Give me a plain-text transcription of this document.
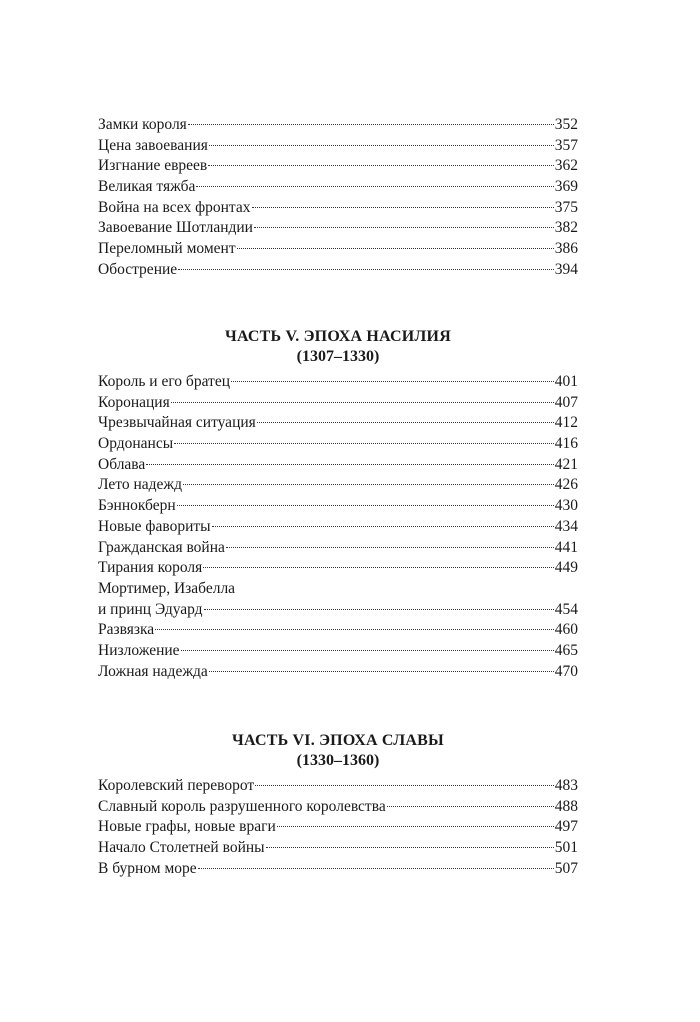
Замки короля	352
Цена завоевания	357
Изгнание евреев	362
Великая тяжба	369
Война на всех фронтах	375
Завоевание Шотландии	382
Переломный момент	386
Обострение	394
ЧАСТЬ V. ЭПОХА НАСИЛИЯ
(1307–1330)
Король и его братец	401
Коронация	407
Чрезвычайная ситуация	412
Ордонансы	416
Облава	421
Лето надежд	426
Бэннокберн	430
Новые фавориты	434
Гражданская война	441
Тирания короля	449
Мортимер, Изабелла
и принц Эдуард	454
Развязка	460
Низложение	465
Ложная надежда	470
ЧАСТЬ VI. ЭПОХА СЛАВЫ
(1330–1360)
Королевский переворот	483
Славный король разрушенного королевства	488
Новые графы, новые враги	497
Начало Столетней войны	501
В бурном море	507
